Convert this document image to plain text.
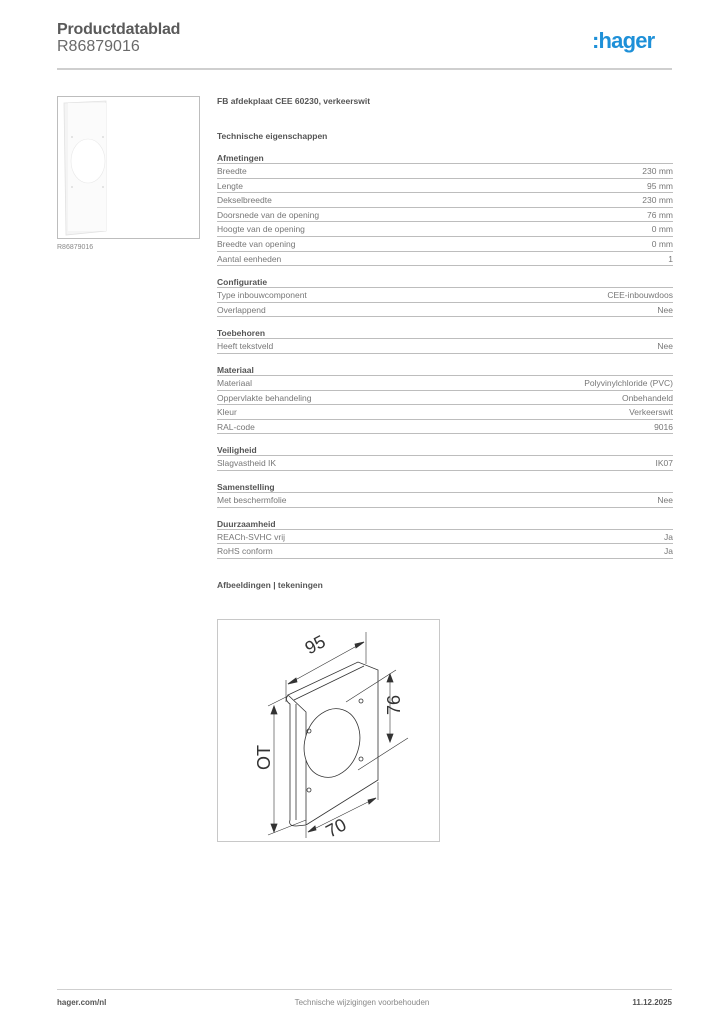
Productdatablad
R86879016	:hager
R86879016
FB afdekplaat CEE 60230, verkeerswit
Technische eigenschappen
Afmetingen
Breedte	230 mm
Lengte	95 mm
Dekselbreedte	230 mm
Doorsnede van de opening	76 mm
Hoogte van de opening	0 mm
Breedte van opening	0 mm
Aantal eenheden	1
Configuratie
Type inbouwcomponent	CEE-inbouwdoos
Overlappend	Nee
Toebehoren
Heeft tekstveld	Nee
Materiaal
Materiaal	Polyvinylchloride (PVC)
Oppervlakte behandeling	Onbehandeld
Kleur	Verkeerswit
RAL-code	9016
Veiligheid
Slagvastheid IK	IK07
Samenstelling
Met beschermfolie	Nee
Duurzaamheid
REACh-SVHC vrij	Ja
RoHS conform	Ja
Afbeeldingen | tekeningen
95
76
OT
70
hager.com/nl	Technische wijzigingen voorbehouden	11.12.2025
